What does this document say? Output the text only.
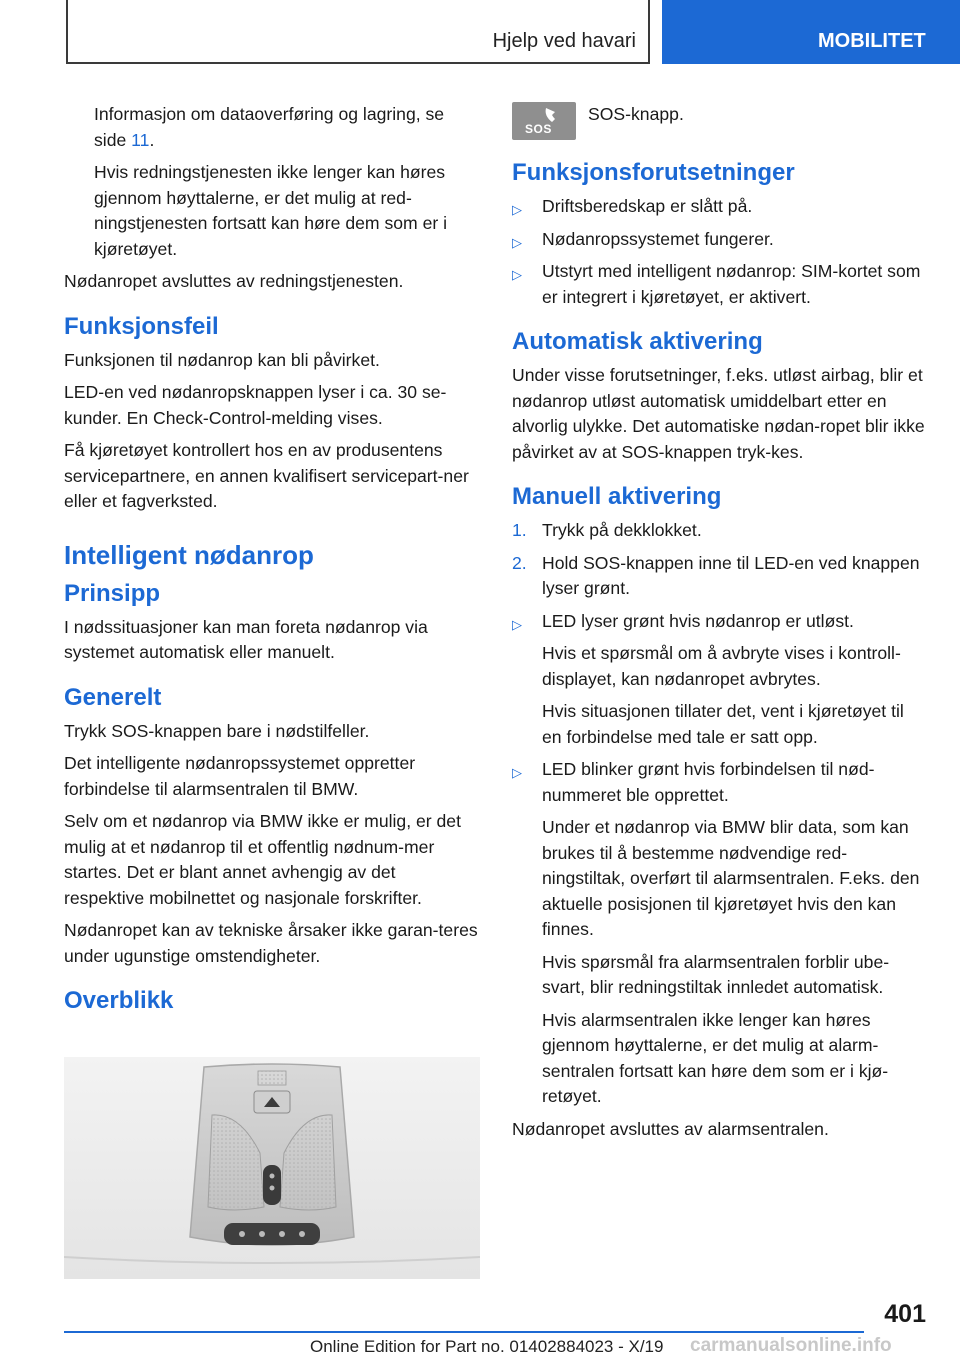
Hjelp ved havari	MOBILITET

Informasjon om dataoverføring og lagring, se side 11.

Hvis redningstjenesten ikke lenger kan høres gjennom høyttalerne, er det mulig at red‐ningstjenesten fortsatt kan høre dem som er i kjøretøyet.

Nødanropet avsluttes av redningstjenesten.

Funksjonsfeil

Funksjonen til nødanrop kan bli påvirket.

LED-en ved nødanropsknappen lyser i ca. 30 se‐kunder. En Check-Control-melding vises.

Få kjøretøyet kontrollert hos en av produsentens servicepartnere, en annen kvalifisert servicepart‐ner eller et fagverksted.

Intelligent nødanrop
Prinsipp

I nødssituasjoner kan man foreta nødanrop via systemet automatisk eller manuelt.

Generelt

Trykk SOS-knappen bare i nødstilfeller.

Det intelligente nødanropssystemet oppretter forbindelse til alarmsentralen til BMW.

Selv om et nødanrop via BMW ikke er mulig, er det mulig at et nødanrop til et offentlig nødnum‐mer startes. Det er blant annet avhengig av det respektive mobilnettet og nasjonale forskrifter.

Nødanropet kan av tekniske årsaker ikke garan‐teres under ugunstige omstendigheter.

Overblikk
SOS
SOS-knapp.
Funksjonsforutsetninger
▷ Driftsberedskap er slått på.
▷ Nødanropssystemet fungerer.
▷ Utstyrt med intelligent nødanrop: SIM-kortet som er integrert i kjøretøyet, er aktivert.
Automatisk aktivering

Under visse forutsetninger, f.eks. utløst airbag, blir et nødanrop utløst automatisk umiddelbart etter en alvorlig ulykke. Det automatiske nødan‐ropet blir ikke påvirket av at SOS-knappen tryk‐kes.

Manuell aktivering
1. Trykk på dekklokket.
2. Hold SOS-knappen inne til LED-en ved knappen lyser grønt.
▷ LED lyser grønt hvis nødanrop er utløst.

Hvis et spørsmål om å avbryte vises i kontroll‐displayet, kan nødanropet avbrytes.

Hvis situasjonen tillater det, vent i kjøretøyet til en forbindelse med tale er satt opp.

▷ LED blinker grønt hvis forbindelsen til nød‐nummeret ble opprettet.

Under et nødanrop via BMW blir data, som kan brukes til å bestemme nødvendige red‐ningstiltak, overført til alarmsentralen. F.eks. den aktuelle posisjonen til kjøretøyet hvis den kan finnes.

Hvis spørsmål fra alarmsentralen forblir ube‐svart, blir redningstiltak innledet automatisk.

Hvis alarmsentralen ikke lenger kan høres gjennom høyttalerne, er det mulig at alarm‐sentralen fortsatt kan høre dem som er i kjø‐retøyet.

Nødanropet avsluttes av alarmsentralen.

401
Online Edition for Part no. 01402884023 - X/19 carmanualsonline.info
